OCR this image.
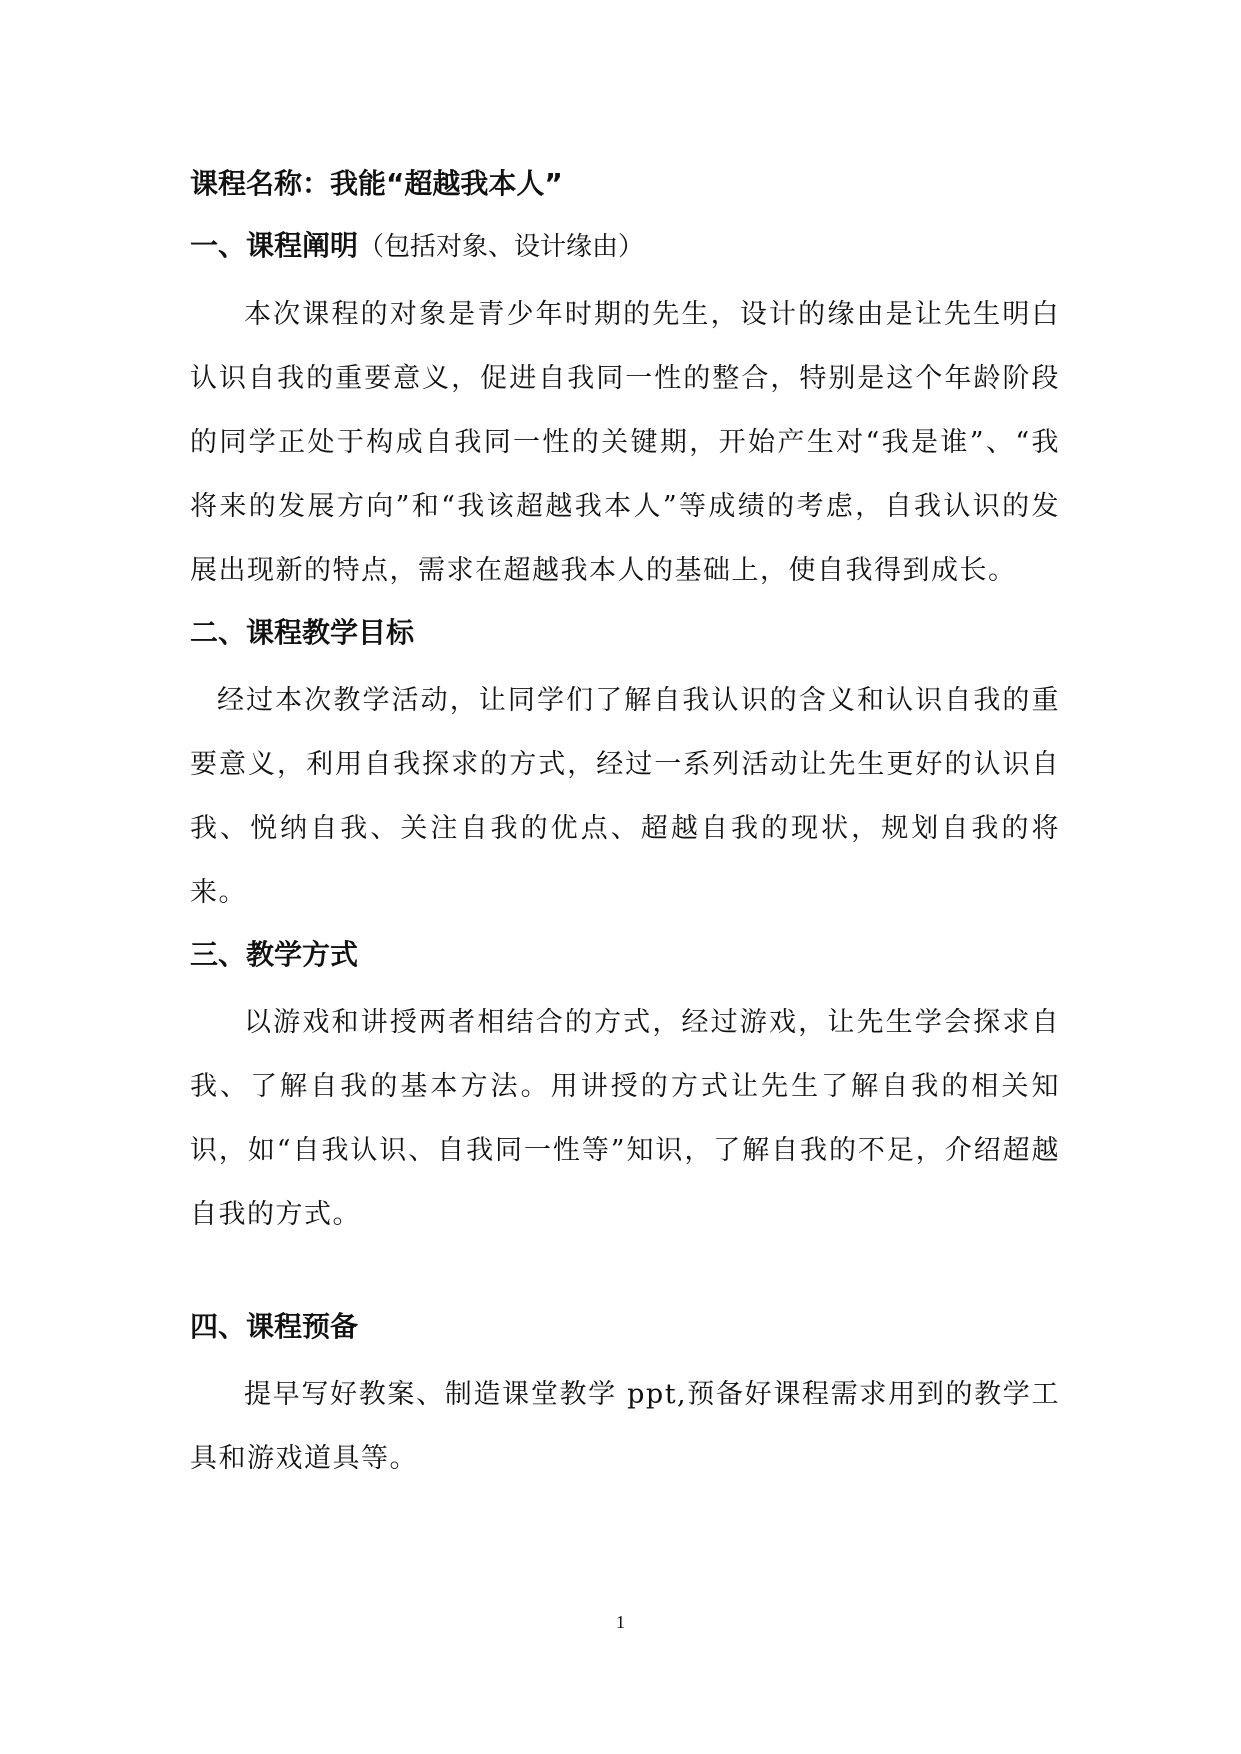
课程名称：我能“超越我本人”
一、课程阐明（包括对象、设计缘由）

本次课程的对象是青少年时期的先生，设计的缘由是让先生明白认识自我的重要意义，促进自我同一性的整合，特别是这个年龄阶段的同学正处于构成自我同一性的关键期，开始产生对“我是谁”、“我将来的发展方向”和“我该超越我本人”等成绩的考虑，自我认识的发展出现新的特点，需求在超越我本人的基础上，使自我得到成长。

二、课程教学目标

经过本次教学活动，让同学们了解自我认识的含义和认识自我的重要意义，利用自我探求的方式，经过一系列活动让先生更好的认识自我、悦纳自我、关注自我的优点、超越自我的现状，规划自我的将来。

三、教学方式

以游戏和讲授两者相结合的方式，经过游戏，让先生学会探求自我、了解自我的基本方法。用讲授的方式让先生了解自我的相关知识，如“自我认识、自我同一性等”知识，了解自我的不足，介绍超越自我的方式。

四、课程预备

提早写好教案、制造课堂教学 ppt,预备好课程需求用到的教学工具和游戏道具等。

1
